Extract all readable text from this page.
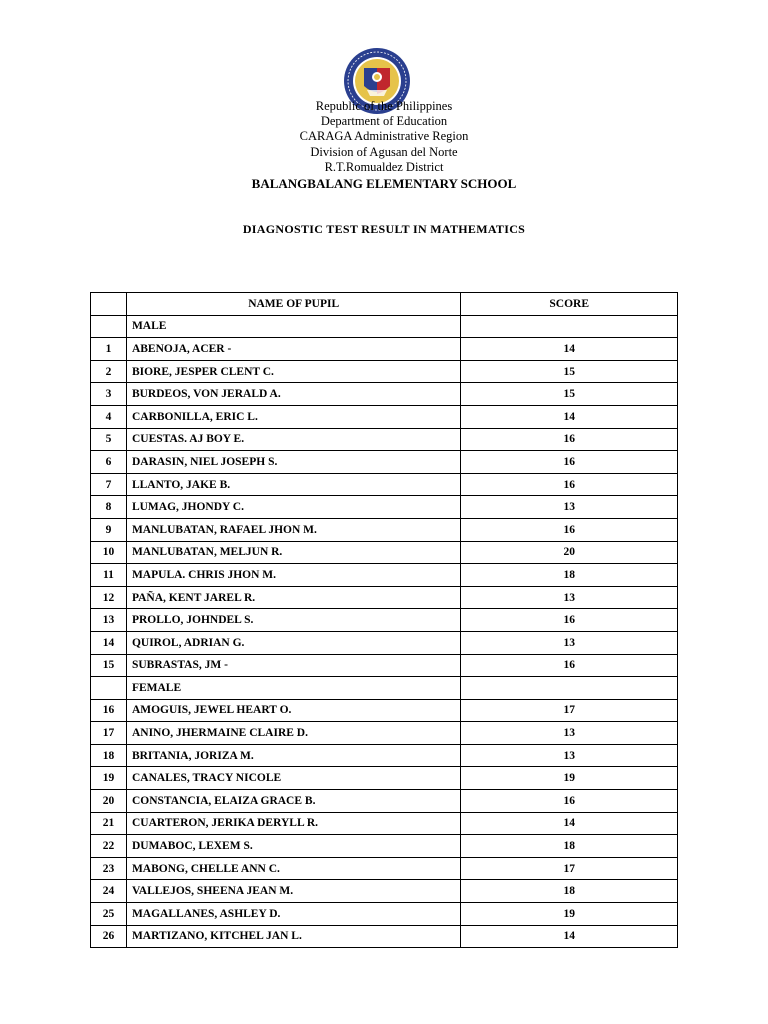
Republic of the Philippines
Department of Education
CARAGA Administrative Region
Division of Agusan del Norte
R.T.Romualdez District
BALANGBALANG ELEMENTARY SCHOOL
DIAGNOSTIC TEST RESULT IN MATHEMATICS
	NAME OF PUPIL	SCORE
	MALE	
1	ABENOJA, ACER -	14
2	BIORE, JESPER CLENT C.	15
3	BURDEOS, VON JERALD A.	15
4	CARBONILLA, ERIC L.	14
5	CUESTAS. AJ BOY E.	16
6	DARASIN, NIEL JOSEPH S.	16
7	LLANTO, JAKE B.	16
8	LUMAG, JHONDY C.	13
9	MANLUBATAN, RAFAEL JHON M.	16
10	MANLUBATAN, MELJUN R.	20
11	MAPULA. CHRIS JHON M.	18
12	PAÑA, KENT JAREL R.	13
13	PROLLO, JOHNDEL S.	16
14	QUIROL, ADRIAN G.	13
15	SUBRASTAS, JM -	16
	FEMALE	
16	AMOGUIS, JEWEL HEART O.	17
17	ANINO, JHERMAINE CLAIRE D.	13
18	BRITANIA, JORIZA M.	13
19	CANALES, TRACY NICOLE	19
20	CONSTANCIA, ELAIZA GRACE B.	16
21	CUARTERON, JERIKA DERYLL R.	14
22	DUMABOC, LEXEM S.	18
23	MABONG, CHELLE ANN C.	17
24	VALLEJOS, SHEENA JEAN M.	18
25	MAGALLANES, ASHLEY D.	19
26	MARTIZANO, KITCHEL JAN L.	14
